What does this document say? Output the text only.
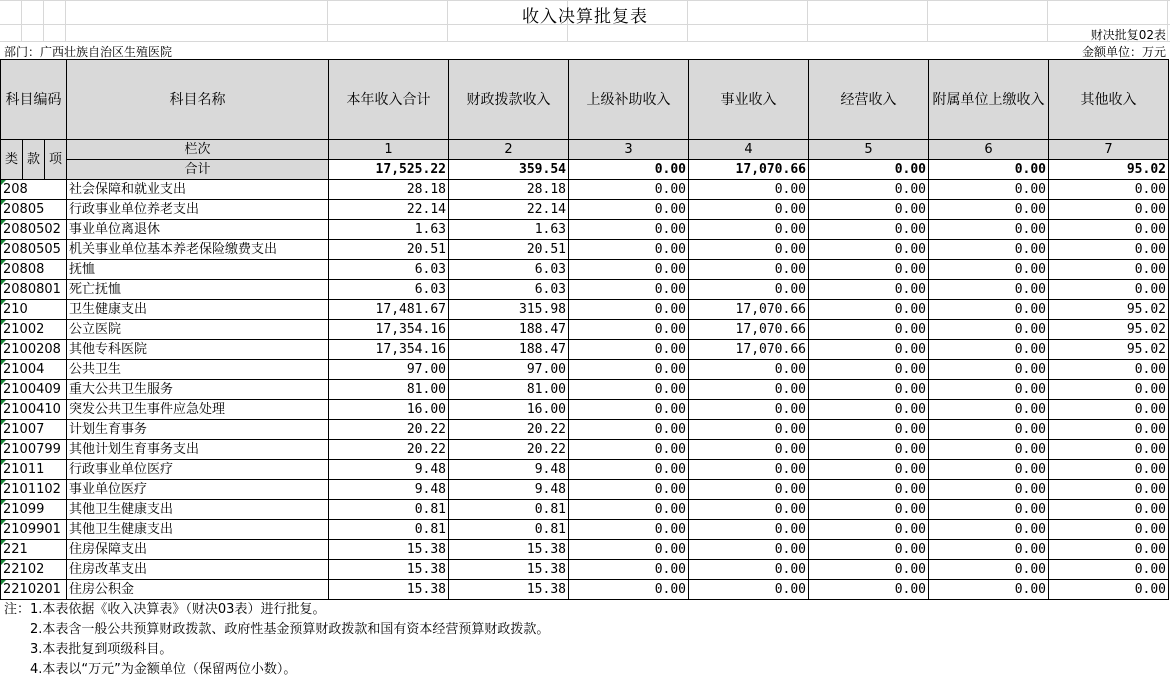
收入决算批复表
财决批复02表
部门：广西壮族自治区生殖医院	金额单位：万元
科目编码			科目名称	本年收入合计	财政拨款收入	上级补助收入	事业收入	经营收入	附属单位上缴收入	其他收入
类	款	项	栏次	1	2	3	4	5	6	7
			合计	17,525.22	359.54	0.00	17,070.66	0.00	0.00	95.02
208			社会保障和就业支出	28.18	28.18	0.00	0.00	0.00	0.00	0.00
20805			行政事业单位养老支出	22.14	22.14	0.00	0.00	0.00	0.00	0.00
2080502			事业单位离退休	1.63	1.63	0.00	0.00	0.00	0.00	0.00
2080505			机关事业单位基本养老保险缴费支出	20.51	20.51	0.00	0.00	0.00	0.00	0.00
20808			抚恤	6.03	6.03	0.00	0.00	0.00	0.00	0.00
2080801			死亡抚恤	6.03	6.03	0.00	0.00	0.00	0.00	0.00
210			卫生健康支出	17,481.67	315.98	0.00	17,070.66	0.00	0.00	95.02
21002			公立医院	17,354.16	188.47	0.00	17,070.66	0.00	0.00	95.02
2100208			其他专科医院	17,354.16	188.47	0.00	17,070.66	0.00	0.00	95.02
21004			公共卫生	97.00	97.00	0.00	0.00	0.00	0.00	0.00
2100409			重大公共卫生服务	81.00	81.00	0.00	0.00	0.00	0.00	0.00
2100410			突发公共卫生事件应急处理	16.00	16.00	0.00	0.00	0.00	0.00	0.00
21007			计划生育事务	20.22	20.22	0.00	0.00	0.00	0.00	0.00
2100799			其他计划生育事务支出	20.22	20.22	0.00	0.00	0.00	0.00	0.00
21011			行政事业单位医疗	9.48	9.48	0.00	0.00	0.00	0.00	0.00
2101102			事业单位医疗	9.48	9.48	0.00	0.00	0.00	0.00	0.00
21099			其他卫生健康支出	0.81	0.81	0.00	0.00	0.00	0.00	0.00
2109901			其他卫生健康支出	0.81	0.81	0.00	0.00	0.00	0.00	0.00
221			住房保障支出	15.38	15.38	0.00	0.00	0.00	0.00	0.00
22102			住房改革支出	15.38	15.38	0.00	0.00	0.00	0.00	0.00
2210201			住房公积金	15.38	15.38	0.00	0.00	0.00	0.00	0.00
注：1.本表依据《收入决算表》（财决03表）进行批复。
2.本表含一般公共预算财政拨款、政府性基金预算财政拨款和国有资本经营预算财政拨款。
3.本表批复到项级科目。
4.本表以“万元”为金额单位（保留两位小数）。
